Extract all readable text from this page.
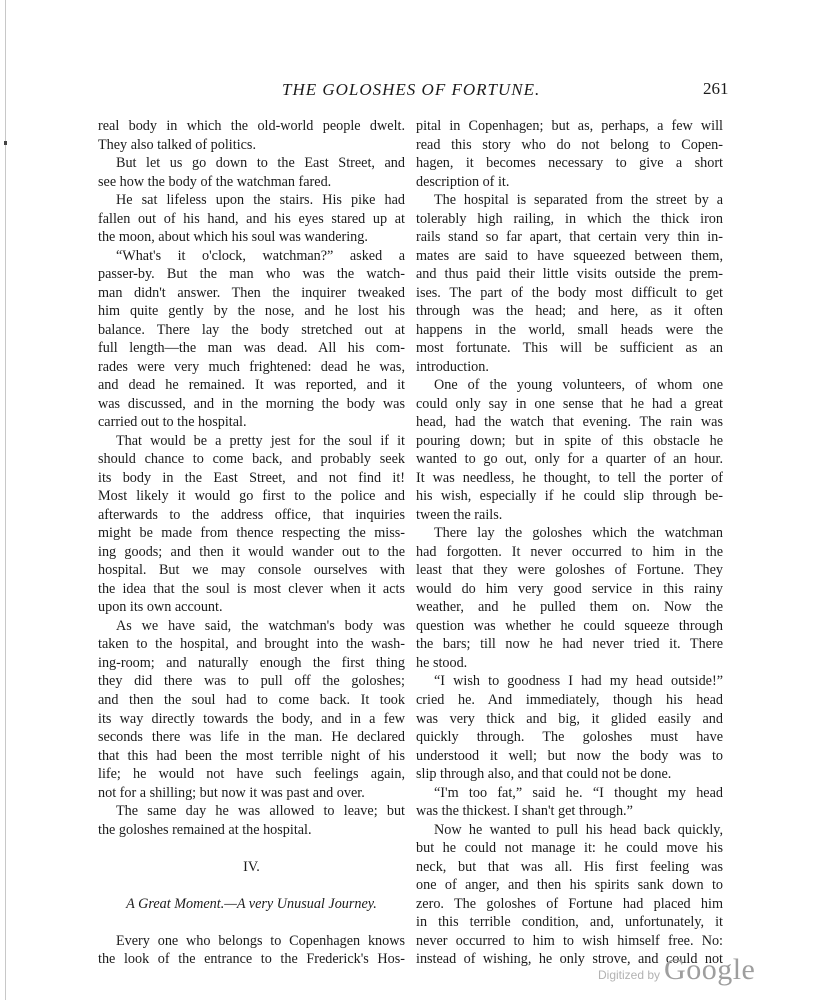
THE GOLOSHES OF FORTUNE.	261
real body in which the old-world people dwelt.
They also talked of politics.
But let us go down to the East Street, and
see how the body of the watchman fared.
He sat lifeless upon the stairs. His pike had
fallen out of his hand, and his eyes stared up at
the moon, about which his soul was wandering.
“What's it o'clock, watchman?” asked a
passer-by. But the man who was the watch-
man didn't answer. Then the inquirer tweaked
him quite gently by the nose, and he lost his
balance. There lay the body stretched out at
full length—the man was dead. All his com-
rades were very much frightened: dead he was,
and dead he remained. It was reported, and it
was discussed, and in the morning the body was
carried out to the hospital.
That would be a pretty jest for the soul if it
should chance to come back, and probably seek
its body in the East Street, and not find it!
Most likely it would go first to the police and
afterwards to the address office, that inquiries
might be made from thence respecting the miss-
ing goods; and then it would wander out to the
hospital. But we may console ourselves with
the idea that the soul is most clever when it acts
upon its own account.
As we have said, the watchman's body was
taken to the hospital, and brought into the wash-
ing-room; and naturally enough the first thing
they did there was to pull off the goloshes;
and then the soul had to come back. It took
its way directly towards the body, and in a few
seconds there was life in the man. He declared
that this had been the most terrible night of his
life; he would not have such feelings again,
not for a shilling; but now it was past and over.
The same day he was allowed to leave; but
the goloshes remained at the hospital.
IV.
A Great Moment.—A very Unusual Journey.
Every one who belongs to Copenhagen knows
the look of the entrance to the Frederick's Hos-
pital in Copenhagen; but as, perhaps, a few will
read this story who do not belong to Copen-
hagen, it becomes necessary to give a short
description of it.
The hospital is separated from the street by a
tolerably high railing, in which the thick iron
rails stand so far apart, that certain very thin in-
mates are said to have squeezed between them,
and thus paid their little visits outside the prem-
ises. The part of the body most difficult to get
through was the head; and here, as it often
happens in the world, small heads were the
most fortunate. This will be sufficient as an
introduction.
One of the young volunteers, of whom one
could only say in one sense that he had a great
head, had the watch that evening. The rain was
pouring down; but in spite of this obstacle he
wanted to go out, only for a quarter of an hour.
It was needless, he thought, to tell the porter of
his wish, especially if he could slip through be-
tween the rails.
There lay the goloshes which the watchman
had forgotten. It never occurred to him in the
least that they were goloshes of Fortune. They
would do him very good service in this rainy
weather, and he pulled them on. Now the
question was whether he could squeeze through
the bars; till now he had never tried it. There
he stood.
“I wish to goodness I had my head outside!”
cried he. And immediately, though his head
was very thick and big, it glided easily and
quickly through. The goloshes must have
understood it well; but now the body was to
slip through also, and that could not be done.
“I'm too fat,” said he. “I thought my head
was the thickest. I shan't get through.”
Now he wanted to pull his head back quickly,
but he could not manage it: he could move his
neck, but that was all. His first feeling was
one of anger, and then his spirits sank down to
zero. The goloshes of Fortune had placed him
in this terrible condition, and, unfortunately, it
never occurred to him to wish himself free. No:
instead of wishing, he only strove, and could not
Digitized by Google
